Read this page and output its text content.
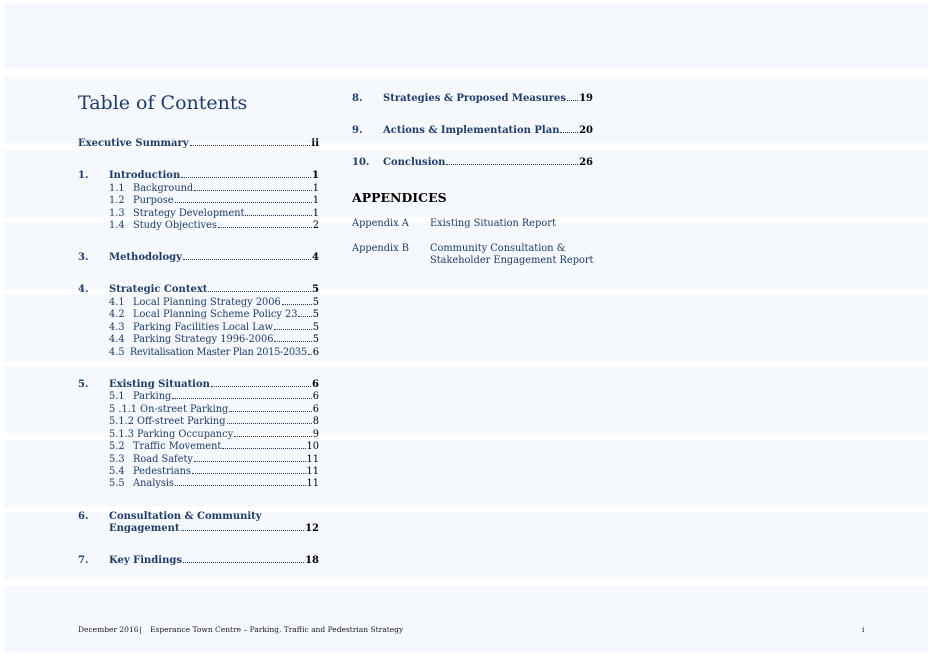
Table of Contents
Executive Summary	ii
1.	Introduction	1
1.1 Background	1
1.2 Purpose	1
1.3 Strategy Development	1
1.4 Study Objectives	2
3.	Methodology	4
4.	Strategic Context	5
4.1 Local Planning Strategy 2006	5
4.2 Local Planning Scheme Policy 23 5
4.3 Parking Facilities Local Law	5
4.4 Parking Strategy 1996-2006	5
4.5 Revitalisation Master Plan 2015-2035 6
5.	Existing Situation	6
5.1 Parking	6
5 .1.1 On-street Parking	6
5.1.2 Off-street Parking	8
5.1.3 Parking Occupancy	9
5.2 Traffic Movement	10
5.3 Road Safety	11
5.4 Pedestrians	11
5.5 Analysis	11
6.	Consultation & Community
Engagement	12
7.	Key Findings	18
8.	Strategies & Proposed Measures 19
9.	Actions & Implementation Plan 20
10.	Conclusion	26
APPENDICES
Appendix A Existing Situation Report
Appendix B Community Consultation &
Stakeholder Engagement Report
December 2016 | Esperance Town Centre – Parking, Traffic and Pedestrian Strategy	i
